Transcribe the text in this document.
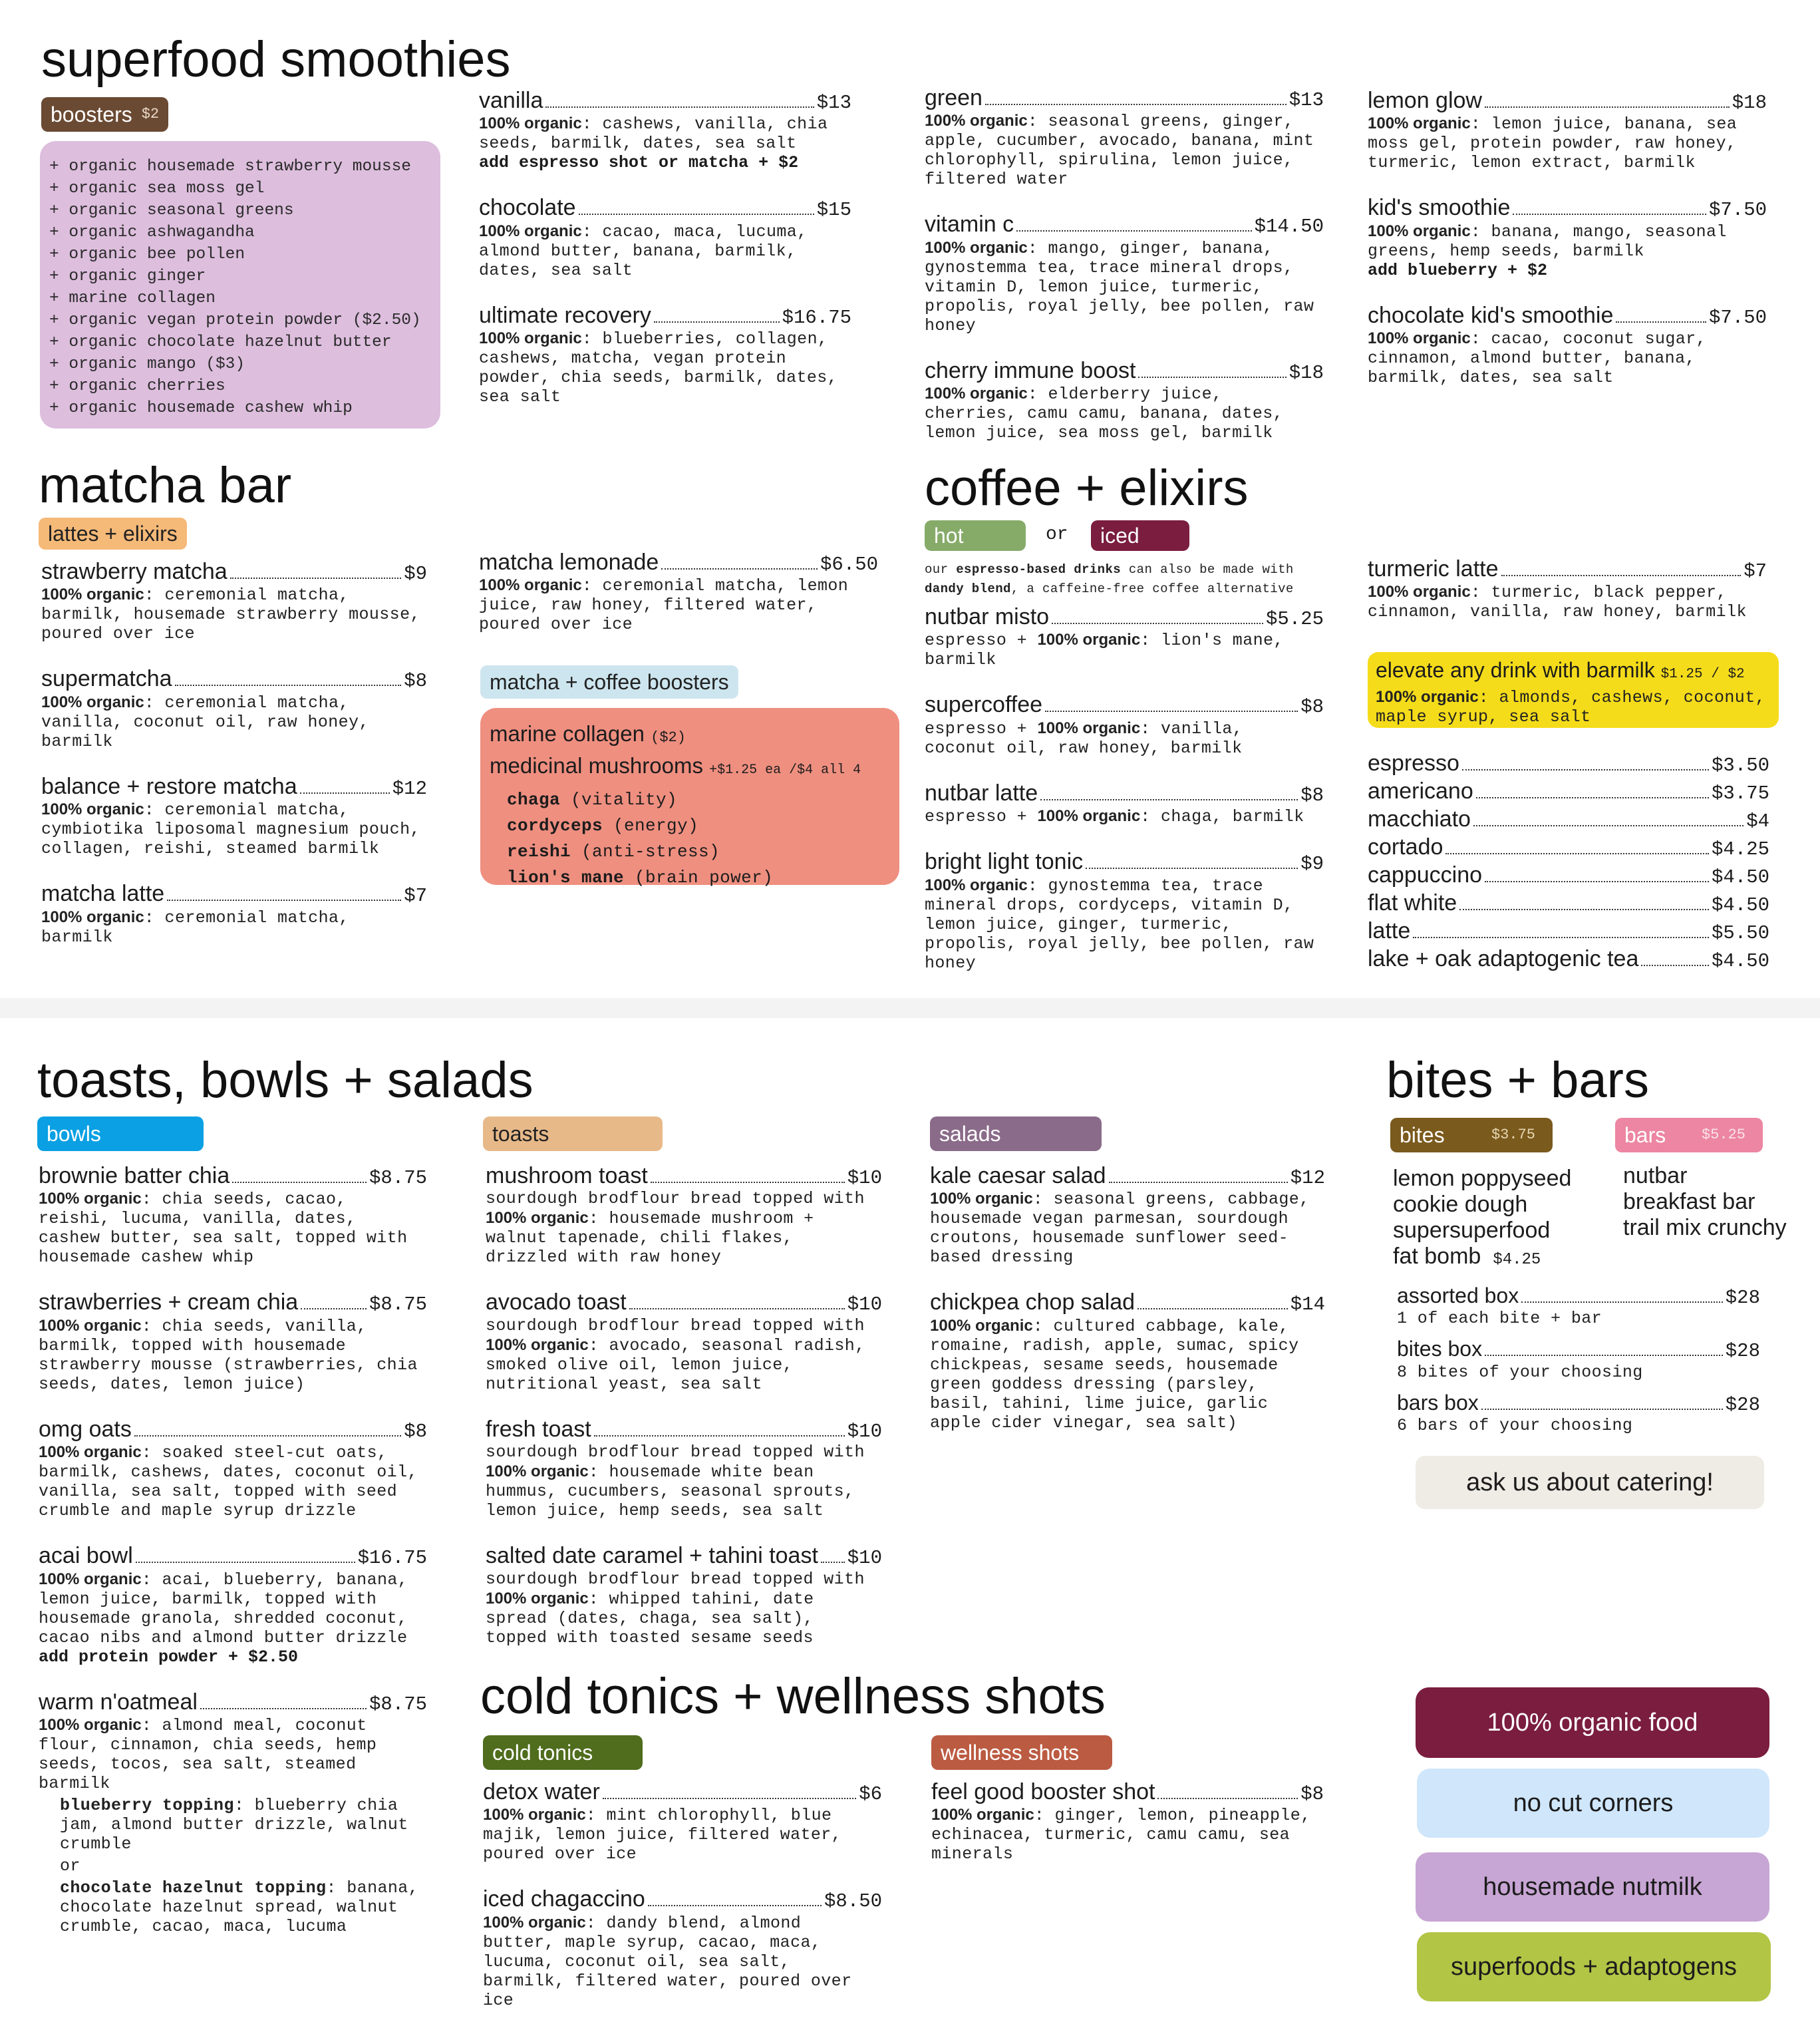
superfood smoothies
boosters $2
+ organic housemade strawberry mousse
+ organic sea moss gel
+ organic seasonal greens
+ organic ashwagandha
+ organic bee pollen
+ organic ginger
+ marine collagen
+ organic vegan protein powder ($2.50)
+ organic chocolate hazelnut butter
+ organic mango ($3)
+ organic cherries
+ organic housemade cashew whip
vanilla	$13
100% organic: cashews, vanilla, chia seeds, barmilk, dates, sea salt
add espresso shot or matcha + $2
chocolate	$15
100% organic: cacao, maca, lucuma, almond butter, banana, barmilk, dates, sea salt
ultimate recovery	$16.75
100% organic: blueberries, collagen, cashews, matcha, vegan protein powder, chia seeds, barmilk, dates, sea salt
green	$13
100% organic: seasonal greens, ginger, apple, cucumber, avocado, banana, mint chlorophyll, spirulina, lemon juice, filtered water
vitamin c	$14.50
100% organic: mango, ginger, banana, gynostemma tea, trace mineral drops, vitamin D, lemon juice, turmeric, propolis, royal jelly, bee pollen, raw honey
cherry immune boost	$18
100% organic: elderberry juice, cherries, camu camu, banana, dates, lemon juice, sea moss gel, barmilk
lemon glow	$18
100% organic: lemon juice, banana, sea moss gel, protein powder, raw honey, turmeric, lemon extract, barmilk
kid's smoothie	$7.50
100% organic: banana, mango, seasonal greens, hemp seeds, barmilk
add blueberry + $2
chocolate kid's smoothie	$7.50
100% organic: cacao, coconut sugar, cinnamon, almond butter, banana, barmilk, dates, sea salt
matcha bar
lattes + elixirs
strawberry matcha	$9
100% organic: ceremonial matcha, barmilk, housemade strawberry mousse, poured over ice
supermatcha	$8
100% organic: ceremonial matcha, vanilla, coconut oil, raw honey, barmilk
balance + restore matcha	$12
100% organic: ceremonial matcha, cymbiotika liposomal magnesium pouch, collagen, reishi, steamed barmilk
matcha latte	$7
100% organic: ceremonial matcha, barmilk
matcha lemonade	$6.50
100% organic: ceremonial matcha, lemon juice, raw honey, filtered water, poured over ice
matcha + coffee boosters
marine collagen ($2)
medicinal mushrooms +$1.25 ea /$4 all 4
chaga (vitality)
cordyceps (energy)
reishi (anti-stress)
lion's mane (brain power)
coffee + elixirs
hot	or	iced
our espresso-based drinks can also be made with dandy blend, a caffeine-free coffee alternative
nutbar misto	$5.25
espresso + 100% organic: lion's mane, barmilk
supercoffee	$8
espresso + 100% organic: vanilla, coconut oil, raw honey, barmilk
nutbar latte	$8
espresso + 100% organic: chaga, barmilk
bright light tonic	$9
100% organic: gynostemma tea, trace mineral drops, cordyceps, vitamin D, lemon juice, ginger, turmeric, propolis, royal jelly, bee pollen, raw honey
turmeric latte	$7
100% organic: turmeric, black pepper, cinnamon, vanilla, raw honey, barmilk
elevate any drink with barmilk $1.25 / $2
100% organic: almonds, cashews, coconut, maple syrup, sea salt
espresso	$3.50
americano	$3.75
macchiato	$4
cortado	$4.25
cappuccino	$4.50
flat white	$4.50
latte	$5.50
lake + oak adaptogenic tea	$4.50
toasts, bowls + salads
bowls	toasts	salads
brownie batter chia	$8.75
100% organic: chia seeds, cacao, reishi, lucuma, vanilla, dates, cashew butter, sea salt, topped with housemade cashew whip
strawberries + cream chia	$8.75
100% organic: chia seeds, vanilla, barmilk, topped with housemade strawberry mousse (strawberries, chia seeds, dates, lemon juice)
omg oats	$8
100% organic: soaked steel-cut oats, barmilk, cashews, dates, coconut oil, vanilla, sea salt, topped with seed crumble and maple syrup drizzle
acai bowl	$16.75
100% organic: acai, blueberry, banana, lemon juice, barmilk, topped with housemade granola, shredded coconut, cacao nibs and almond butter drizzle
add protein powder + $2.50
warm n'oatmeal	$8.75
100% organic: almond meal, coconut flour, cinnamon, chia seeds, hemp seeds, tocos, sea salt, steamed barmilk
blueberry topping: blueberry chia jam, almond butter drizzle, walnut crumble
or
chocolate hazelnut topping: banana, chocolate hazelnut spread, walnut crumble, cacao, maca, lucuma
mushroom toast	$10
sourdough brodflour bread topped with 100% organic: housemade mushroom + walnut tapenade, chili flakes, drizzled with raw honey
avocado toast	$10
sourdough brodflour bread topped with 100% organic: avocado, seasonal radish, smoked olive oil, lemon juice, nutritional yeast, sea salt
fresh toast	$10
sourdough brodflour bread topped with 100% organic: housemade white bean hummus, cucumbers, seasonal sprouts, lemon juice, hemp seeds, sea salt
salted date caramel + tahini toast $10
sourdough brodflour bread topped with 100% organic: whipped tahini, date spread (dates, chaga, sea salt), topped with toasted sesame seeds
kale caesar salad	$12
100% organic: seasonal greens, cabbage, housemade vegan parmesan, sourdough croutons, housemade sunflower seed-based dressing
chickpea chop salad	$14
100% organic: cultured cabbage, kale, romaine, radish, apple, sumac, spicy chickpeas, sesame seeds, housemade green goddess dressing (parsley, basil, tahini, lime juice, garlic apple cider vinegar, sea salt)
cold tonics + wellness shots
cold tonics	wellness shots
detox water	$6
100% organic: mint chlorophyll, blue majik, lemon juice, filtered water, poured over ice
iced chagaccino	$8.50
100% organic: dandy blend, almond butter, maple syrup, cacao, maca, lucuma, coconut oil, sea salt, barmilk, filtered water, poured over ice
feel good booster shot	$8
100% organic: ginger, lemon, pineapple, echinacea, turmeric, camu camu, sea minerals
bites + bars
bites	$3.75	bars $5.25
lemon poppyseed
cookie dough
supersuperfood
fat bomb $4.25
nutbar
breakfast bar
trail mix crunchy
assorted box	$28
1 of each bite + bar
bites box	$28
8 bites of your choosing
bars box	$28
6 bars of your choosing
ask us about catering!
100% organic food
no cut corners
housemade nutmilk
superfoods + adaptogens
